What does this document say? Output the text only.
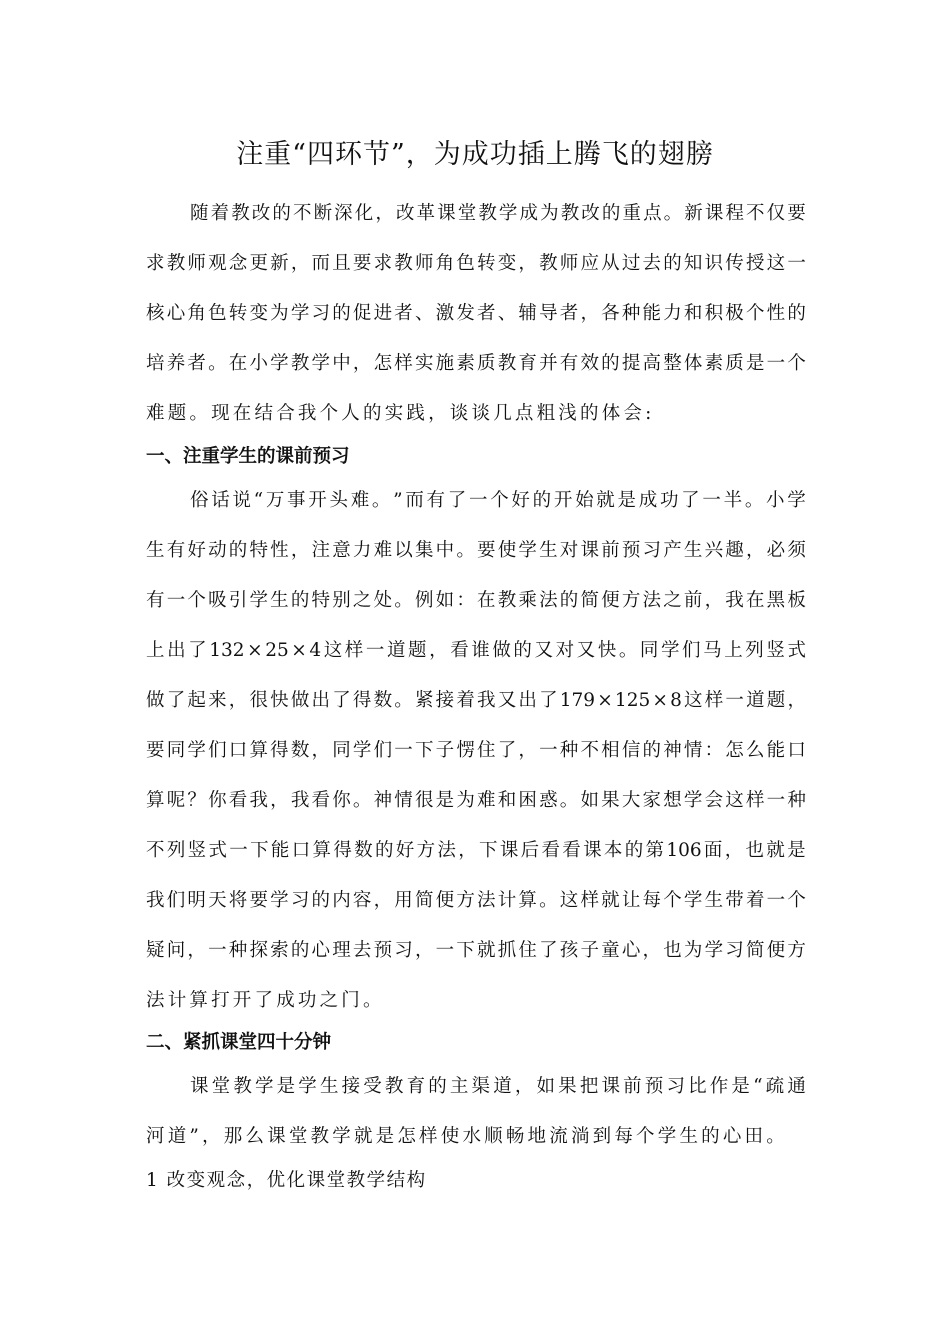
注重“四环节”，为成功插上腾飞的翅膀
随 着 教 改 的 不 断 深 化 ， 改 革 课 堂 教 学 成 为 教 改 的 重 点 。 新 课 程 不 仅 要
求 教 师 观 念 更 新 ， 而 且 要 求 教 师 角 色 转 变 ， 教 师 应 从 过 去 的 知 识 传 授 这 一
核 心 角 色 转 变 为 学 习 的 促 进 者 、 激 发 者 、 辅 导 者 ， 各 种 能 力 和 积 极 个 性 的
培 养 者 。 在 小 学 教 学 中 ， 怎 样 实 施 素 质 教 育 并 有 效 的 提 高 整 体 素 质 是 一 个
难题。现在结合我个人的实践，谈谈几点粗浅的体会:
一、注重学生的课前预习
俗 话 说 “ 万 事 开 头 难 。 ” 而 有 了 一 个 好 的 开 始 就 是 成 功 了 一 半 。 小 学
生 有 好 动 的 特 性 ， 注 意 力 难 以 集 中 。 要 使 学 生 对 课 前 预 习 产 生 兴 趣 ， 必 须
有 一 个 吸 引 学 生 的 特 别 之 处 。 例 如 ： 在 教 乘 法 的 简 便 方 法 之 前 ， 我 在 黑 板
上 出 了 132 × 25 × 4 这 样 一 道 题 ， 看 谁 做 的 又 对 又 快 。 同 学 们 马 上 列 竖 式
做 了 起 来 ， 很 快 做 出 了 得 数 。 紧 接 着 我 又 出 了 179 × 125 × 8 这 样 一 道 题 ，
要 同 学 们 口 算 得 数 ， 同 学 们 一 下 子 愣 住 了 ， 一 种 不 相 信 的 神 情 ： 怎 么 能 口
算 呢 ？ 你 看 我 ， 我 看 你 。 神 情 很 是 为 难 和 困 惑 。 如 果 大 家 想 学 会 这 样 一 种
不 列 竖 式 一 下 能 口 算 得 数 的 好 方 法 ， 下 课 后 看 看 课 本 的 第 106 面 ， 也 就 是
我 们 明 天 将 要 学 习 的 内 容 ， 用 简 便 方 法 计 算 。 这 样 就 让 每 个 学 生 带 着 一 个
疑 问 ， 一 种 探 索 的 心 理 去 预 习 ， 一 下 就 抓 住 了 孩 子 童 心 ， 也 为 学 习 简 便 方
法计算打开了成功之门。
二、紧抓课堂四十分钟
课 堂 教 学 是 学 生 接 受 教 育 的 主 渠 道 ， 如 果 把 课 前 预 习 比 作 是 “ 疏 通
河道”，那么课堂教学就是怎样使水顺畅地流淌到每个学生的心田。
1 改变观念，优化课堂教学结构
